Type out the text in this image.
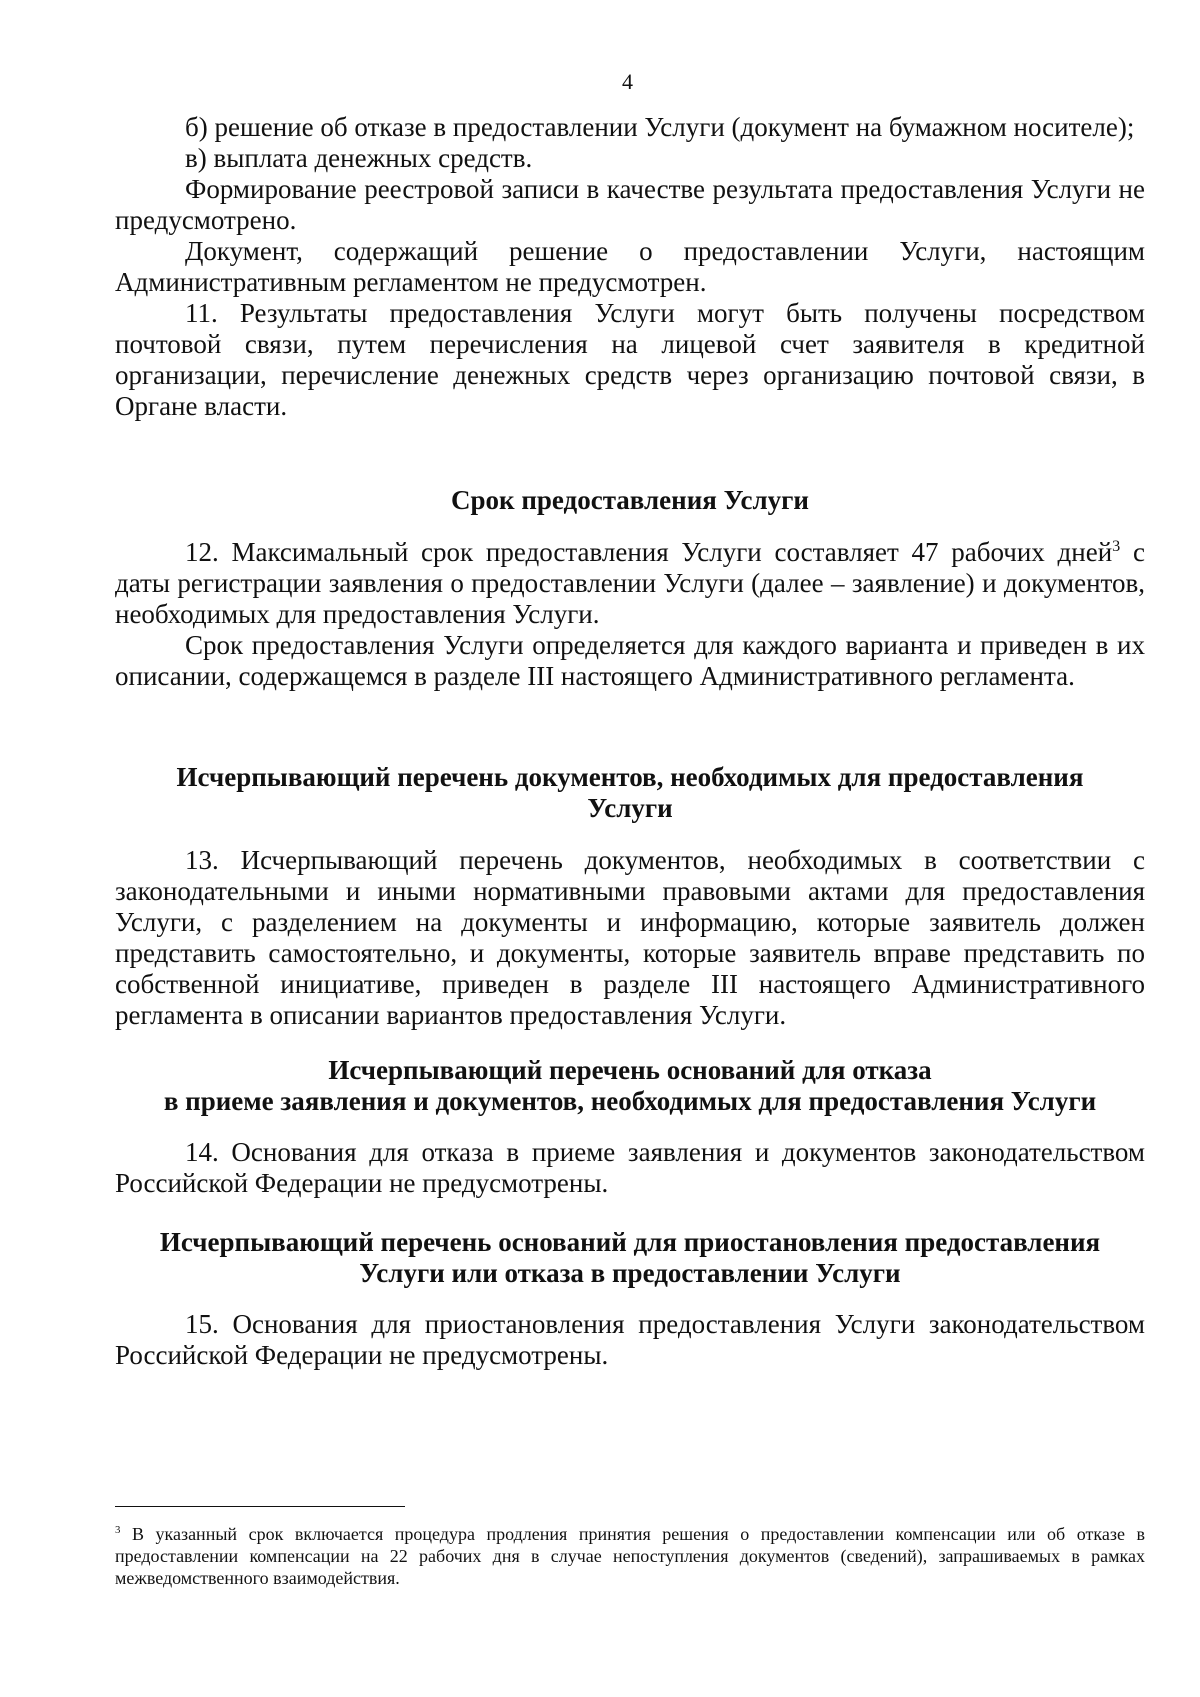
4

б) решение об отказе в предоставлении Услуги (документ на бумажном носителе);

в) выплата денежных средств.

Формирование реестровой записи в качестве результата предоставления Услуги не предусмотрено.

Документ, содержащий решение о предоставлении Услуги, настоящим Административным регламентом не предусмотрен.

11. Результаты предоставления Услуги могут быть получены посредством почтовой связи, путем перечисления на лицевой счет заявителя в кредитной организации, перечисление денежных средств через организацию почтовой связи, в Органе власти.

Срок предоставления Услуги

12. Максимальный срок предоставления Услуги составляет 47 рабочих дней$^3$ с даты регистрации заявления о предоставлении Услуги (далее – заявление) и документов, необходимых для предоставления Услуги.

Срок предоставления Услуги определяется для каждого варианта и приведен в их описании, содержащемся в разделе III настоящего Административного регламента.

Исчерпывающий перечень документов, необходимых для предоставления
Услуги

13. Исчерпывающий перечень документов, необходимых в соответствии с законодательными и иными нормативными правовыми актами для предоставления Услуги, с разделением на документы и информацию, которые заявитель должен представить самостоятельно, и документы, которые заявитель вправе представить по собственной инициативе, приведен в разделе III настоящего Административного регламента в описании вариантов предоставления Услуги.

Исчерпывающий перечень оснований для отказа
в приеме заявления и документов, необходимых для предоставления Услуги

14. Основания для отказа в приеме заявления и документов законодательством Российской Федерации не предусмотрены.

Исчерпывающий перечень оснований для приостановления предоставления
Услуги или отказа в предоставлении Услуги

15. Основания для приостановления предоставления Услуги законодательством Российской Федерации не предусмотрены.

$^3$ В указанный срок включается процедура продления принятия решения о предоставлении компенсации или об отказе в предоставлении компенсации на 22 рабочих дня в случае непоступления документов (сведений), запрашиваемых в рамках межведомственного взаимодействия.
